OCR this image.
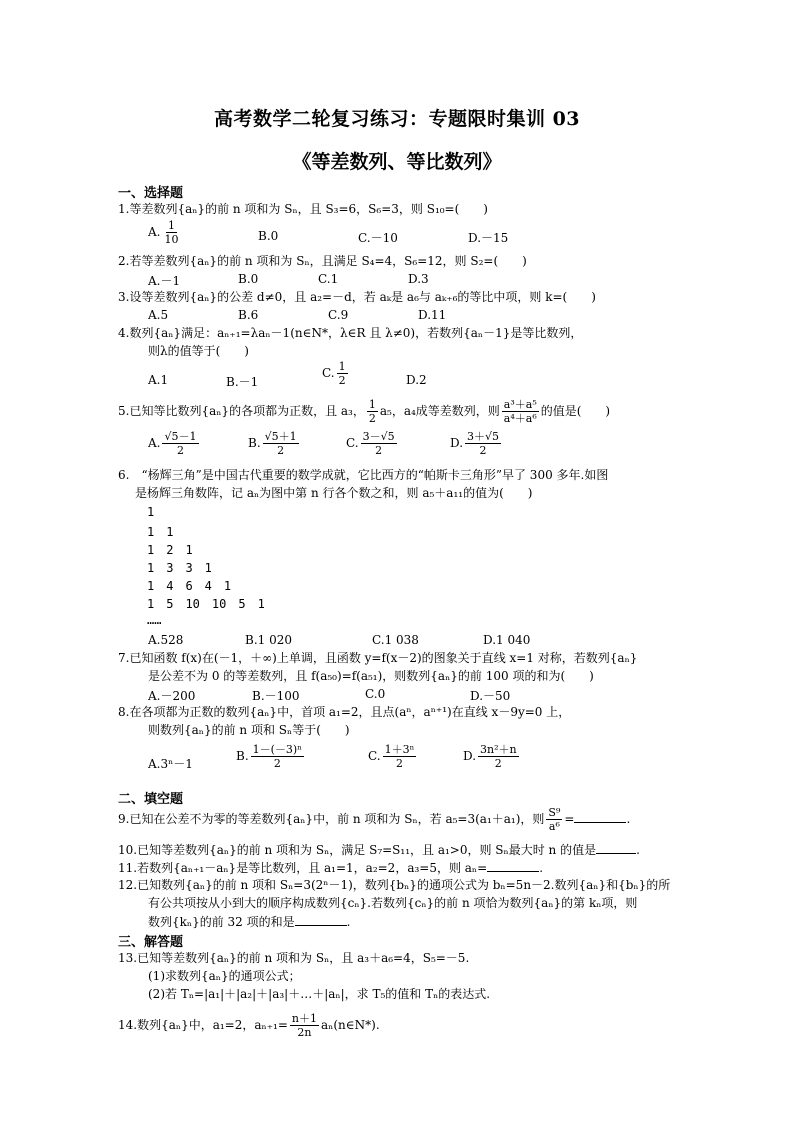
高考数学二轮复习练习：专题限时集训 03
《等差数列、等比数列》
一、选择题
1.等差数列{aₙ}的前 n 项和为 Sₙ，且 S₃=6，S₆=3，则 S₁₀=(　　)
A. $\frac{1}{10}$	B.0	C.－10	D.－15
2.若等差数列{aₙ}的前 n 项和为 Sₙ，且满足 S₄=4，S₆=12，则 S₂=(　　)
A.－1	B.0	C.1	D.3
3.设等差数列{aₙ}的公差 d≠0，且 a₂=－d，若 aₖ是 a₆与 aₖ₊₆的等比中项，则 k=(　　)
A.5	B.6	C.9	D.11
4.数列{aₙ}满足：aₙ₊₁=λaₙ－1(n∈N*，λ∈R 且 λ≠0)，若数列{aₙ－1}是等比数列，
则λ的值等于(　　)
A.1	B.－1
C. $\frac{1}{2}$	D.2
5.已知等比数列{aₙ}的各项都为正数，且 a₃， $\frac{1}{2} a_5$，a₄成等差数列，则 $\frac{\text{a³＋a⁵}}{\text{a⁴＋a⁶}}$ 的值是(　　)
A. $\frac{√5-1}{2}$	B. $\frac{√5+1}{2}$	C. $\frac{3-√5}{2}$	D. $\frac{3+√5}{2}$
6.　“杨辉三角”是中国古代重要的数学成就，它比西方的“帕斯卡三角形”早了 300 多年.如图
是杨辉三角数阵，记 aₙ为图中第 n 行各个数之和，则 a₅＋a₁₁的值为(　　)
1
1　1
1　2　1
1　3　3　1
1　4　6　4　1
1　5　10　10　5　1
……
A.528	B.1 020	C.1 038	D.1 040
7.已知函数 f(x)在(－1，＋∞)上单调，且函数 y=f(x－2)的图象关于直线 x=1 对称，若数列{aₙ}
是公差不为 0 的等差数列，且 f(a₅₀)=f(a₅₁)，则数列{aₙ}的前 100 项的和为(　　)
A.－200	B.－100	C.0	D.－50
8.在各项都为正数的数列{aₙ}中，首项 a₁=2，且点(aⁿ，aⁿ⁺¹)在直线 x－9y=0 上，
则数列{aₙ}的前 n 项和 Sₙ等于(　　)
A.3ⁿ－1
B. $\frac{\text{1－(－3)ⁿ}}{2}$	C. $\frac{\text{1＋3ⁿ}}{2}$	D. $\frac{\text{3n²＋n}}{2}$
二、填空题
9.已知在公差不为零的等差数列{aₙ}中，前 n 项和为 Sₙ，若 a₅=3(a₁＋a₁)，则 $\frac{\text{S⁹}}{\text{a⁶}}$ =	.
10.已知等差数列{aₙ}的前 n 项和为 Sₙ，满足 S₇=S₁₁，且 a₁>0，则 Sₙ最大时 n 的值是	.
11.若数列{aₙ₊₁－aₙ}是等比数列，且 a₁=1，a₂=2，a₃=5，则 aₙ=	.
12.已知数列{aₙ}的前 n 项和 Sₙ=3(2ⁿ－1)，数列{bₙ}的通项公式为 bₙ=5n－2.数列{aₙ}和{bₙ}的所
有公共项按从小到大的顺序构成数列{cₙ}.若数列{cₙ}的前 n 项恰为数列{aₙ}的第 kₙ项，则
数列{kₙ}的前 32 项的和是	.
三、解答题
13.已知等差数列{aₙ}的前 n 项和为 Sₙ，且 a₃＋a₆=4，S₅=－5.
(1)求数列{aₙ}的通项公式；
(2)若 Tₙ=|a₁|＋|a₂|＋|a₃|＋…＋|aₙ|，求 T₅的值和 Tₙ的表达式.
14.数列{aₙ}中，a₁=2，$a_{n+1}= \frac{n+1}{2n}$ aₙ(n∈N*).
